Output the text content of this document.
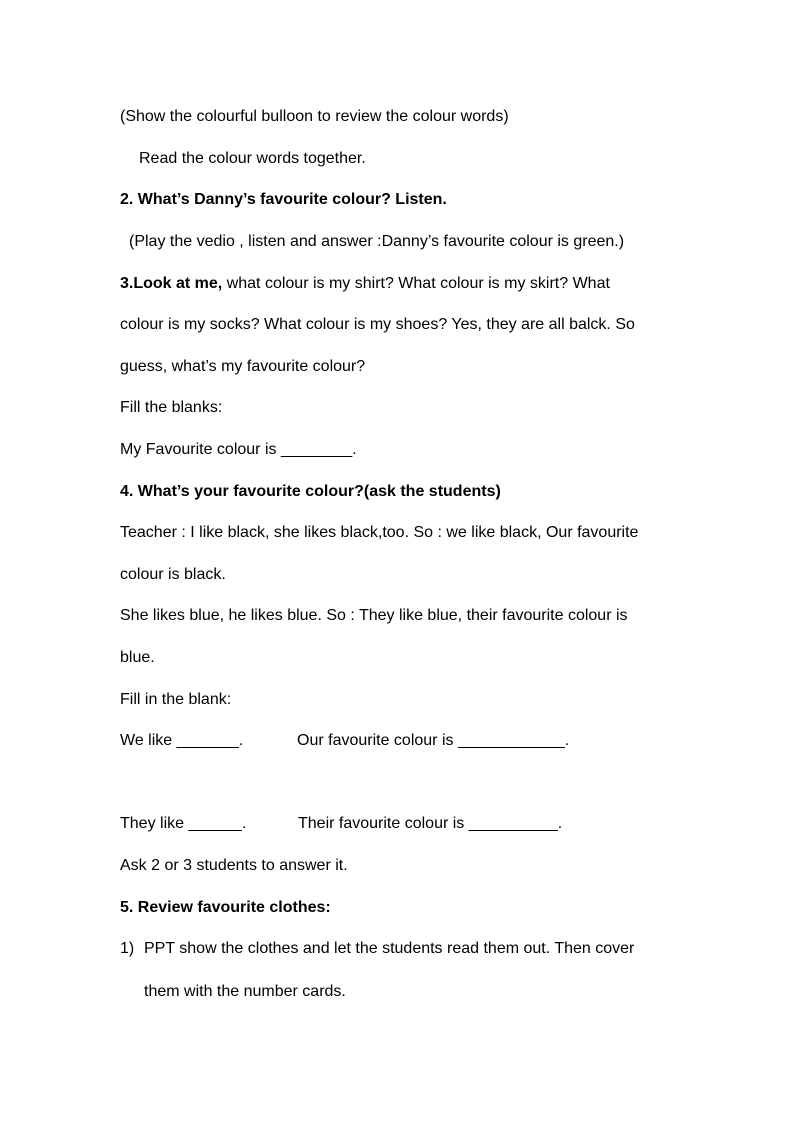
(Show the colourful bulloon to review the colour words)
Read the colour words together.
2. What’s Danny’s favourite colour? Listen.
(Play the vedio , listen and answer :Danny’s favourite colour is green.)
3.Look at me, what colour is my shirt? What colour is my skirt? What
colour is my socks? What colour is my shoes? Yes, they are all balck. So
guess, what’s my favourite colour?
Fill the blanks:
My Favourite colour is ________.
4. What’s your favourite colour?(ask the students)
Teacher : I like black, she likes black,too. So : we like black, Our favourite
colour is black.
She likes blue, he likes blue. So : They like blue, their favourite colour is
blue.
Fill in the blank:
We like _______.	Our favourite colour is ____________.
They like ______.	Their favourite colour is __________.
Ask 2 or 3 students to answer it.
5. Review favourite clothes:
1) PPT show the clothes and let the students read them out. Then cover
them with the number cards.
